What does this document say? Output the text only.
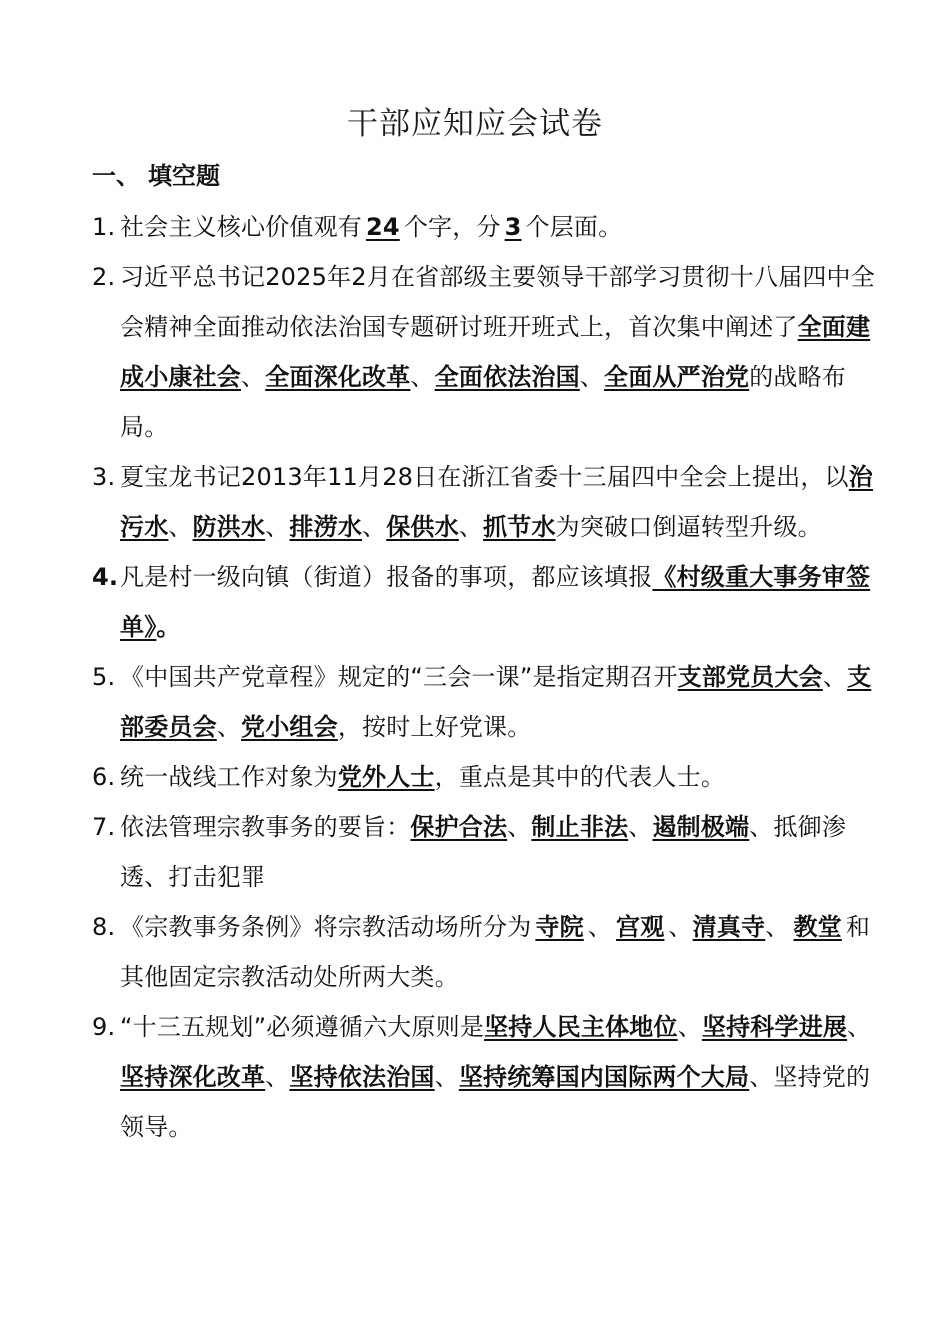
干部应知应会试卷
一、 填空题
1. 社会主义核心价值观有 24 个字，分 3 个层面。
2. 习近平总书记2025年2月在省部级主要领导干部学习贯彻十八届四中全会精神全面推动依法治国专题研讨班开班式上，首次集中阐述了全面建成小康社会、全面深化改革、全面依法治国、全面从严治党的战略布局。
3. 夏宝龙书记2013年11月28日在浙江省委十三届四中全会上提出，以治污水、防洪水、排涝水、保供水、抓节水为突破口倒逼转型升级。
4. 凡是村一级向镇（街道）报备的事项，都应该填报《村级重大事务审签单》。
5. 《中国共产党章程》规定的“三会一课”是指定期召开支部党员大会、支部委员会、党小组会，按时上好党课。
6. 统一战线工作对象为党外人士，重点是其中的代表人士。
7. 依法管理宗教事务的要旨：保护合法、制止非法、遏制极端、抵御渗透、打击犯罪
8. 《宗教事务条例》将宗教活动场所分为 寺院 、 宫观 、清真寺、 教堂 和其他固定宗教活动处所两大类。
9. “十三五规划”必须遵循六大原则是坚持人民主体地位、坚持科学进展、坚持深化改革、坚持依法治国、坚持统筹国内国际两个大局、坚持党的领导。
